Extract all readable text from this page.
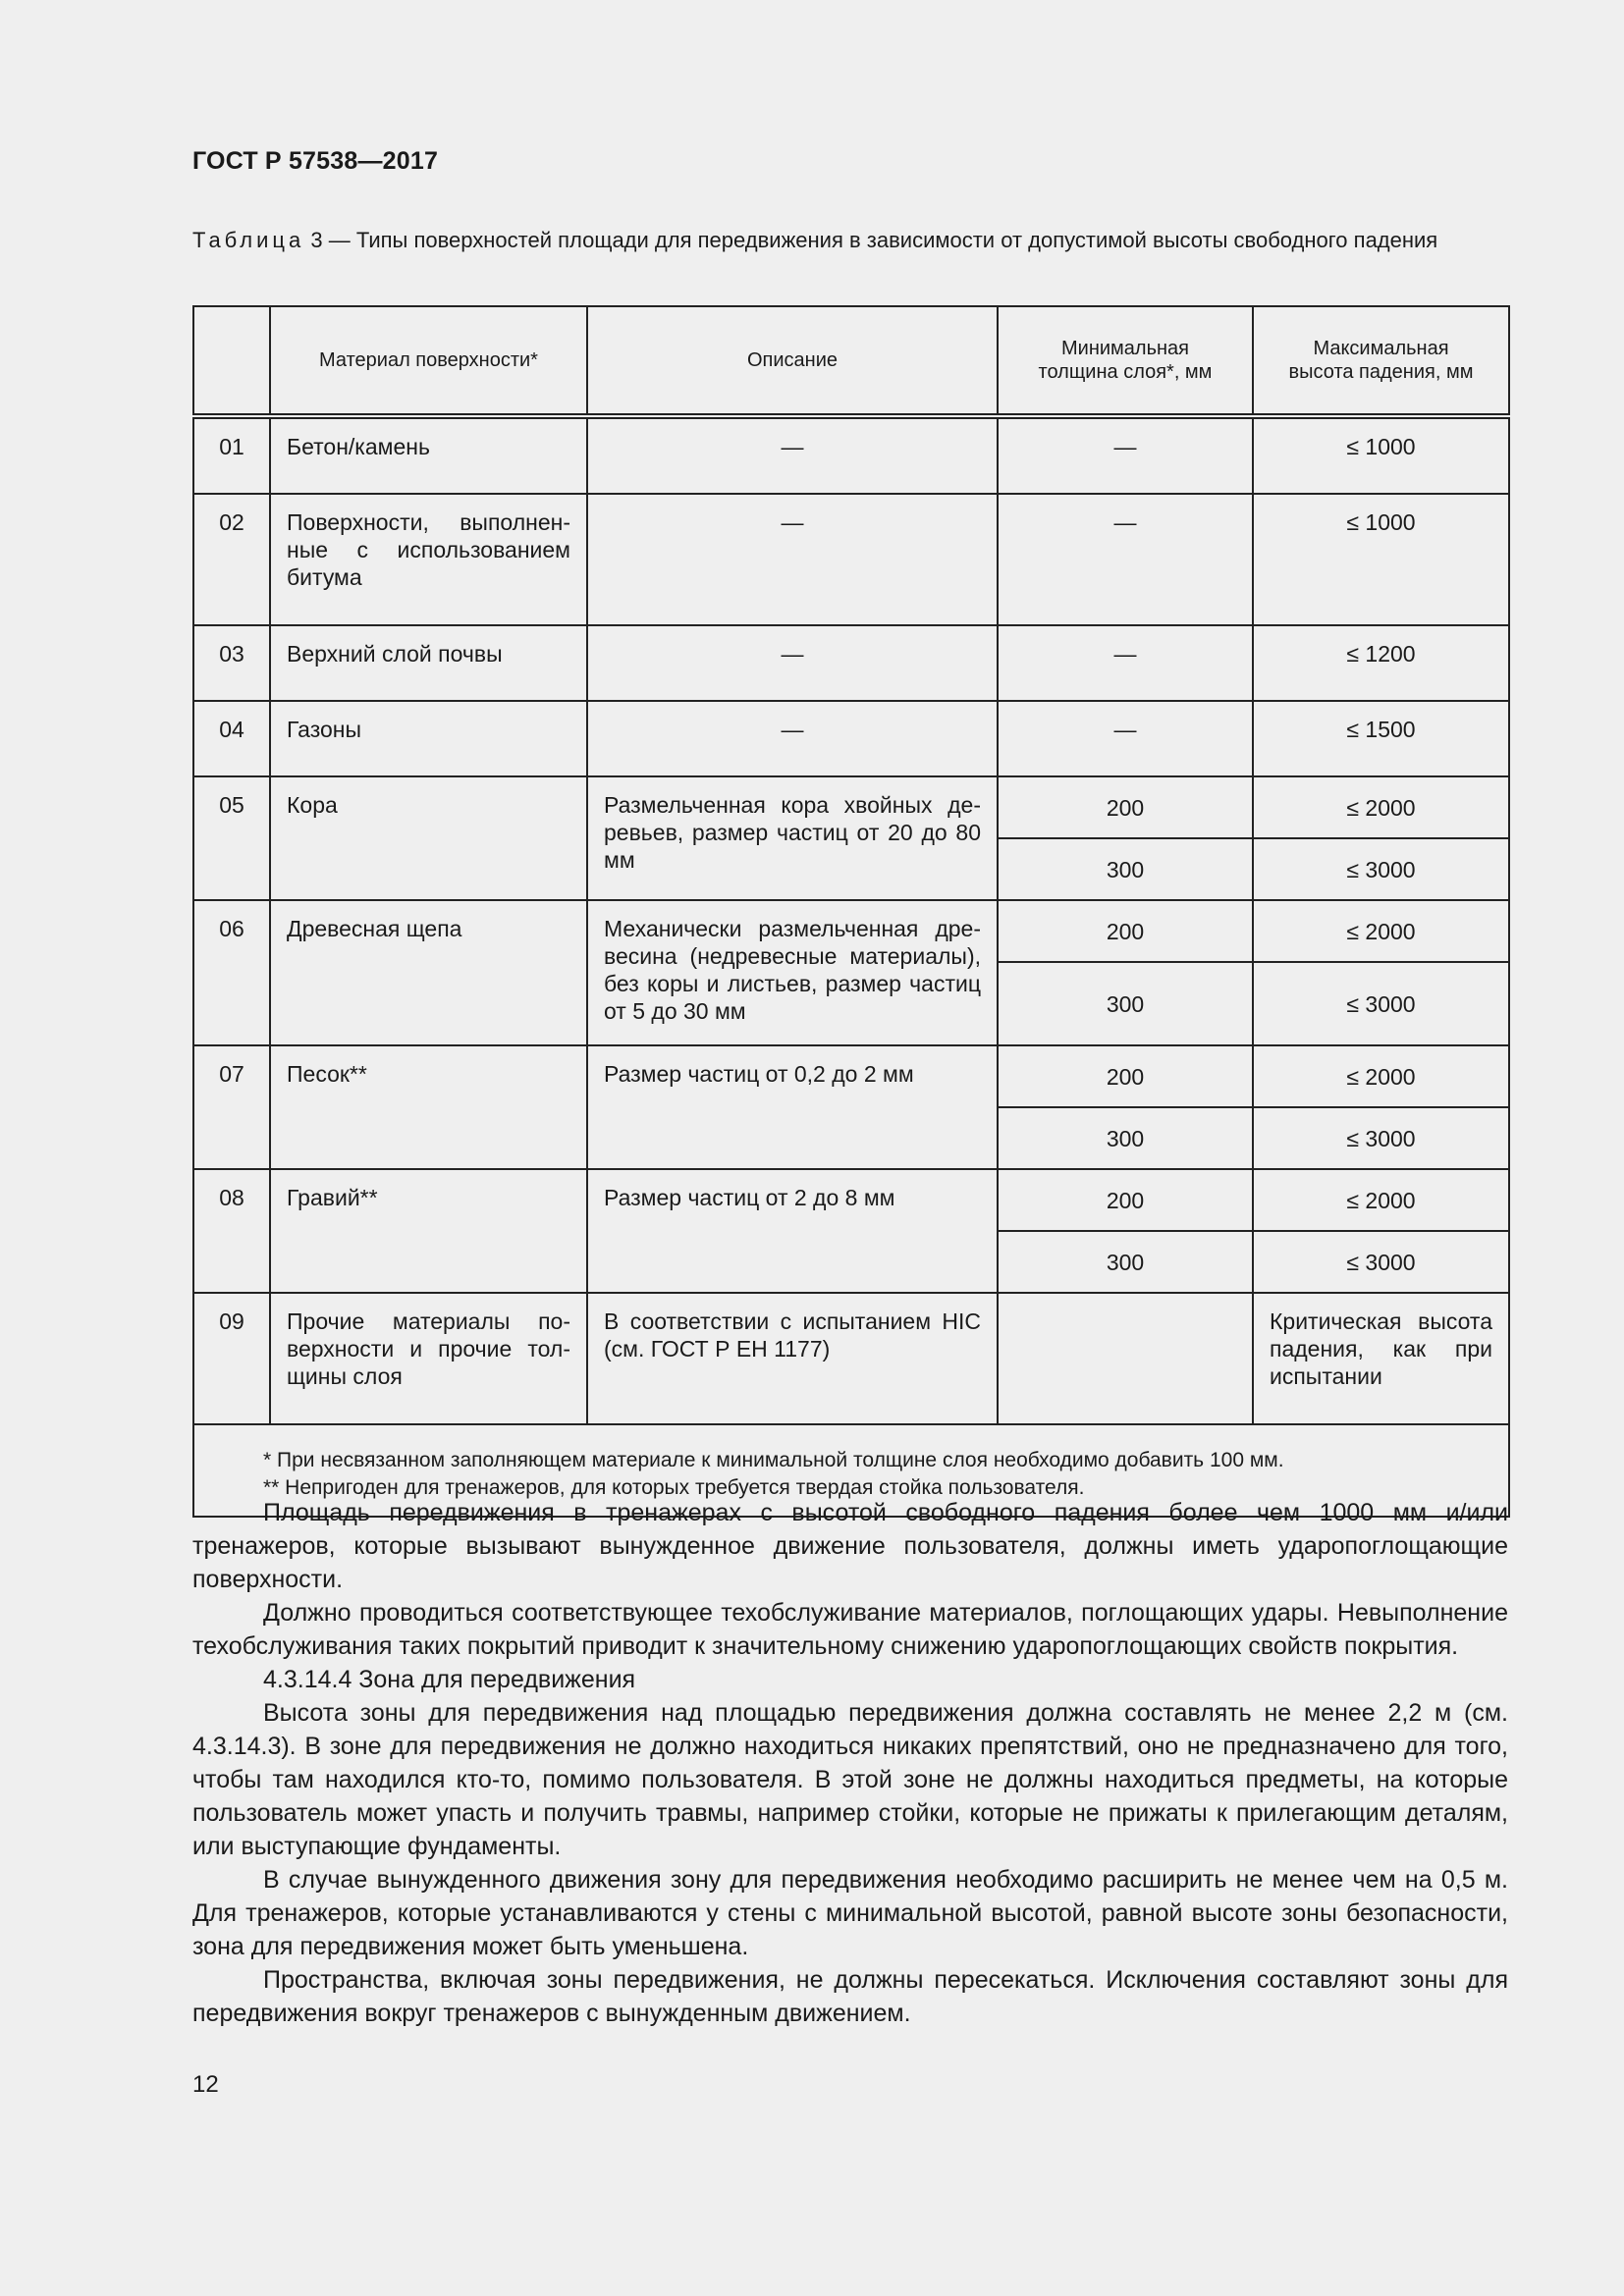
ГОСТ Р 57538—2017
Таблица 3 — Типы поверхностей площади для передвижения в зависимости от допустимой высоты свободного падения
	Материал поверхности*	Описание	Минимальная толщина слоя*, мм	Максимальная высота падения, мм

01	Бетон/камень	—	—	≤ 1000
02	Поверхности, выполненные с использованием битума	—	—	≤ 1000
03	Верхний слой почвы	—	—	≤ 1200
04	Газоны	—	—	≤ 1500
05	Кора	Размельченная кора хвойных деревьев, размер частиц от 20 до 80 мм	200	≤ 2000
			300	≤ 3000
06	Древесная щепа	Механически размельченная древесина (недревесные материалы), без коры и листьев, размер частиц от 5 до 30 мм	200	≤ 2000
			300	≤ 3000
07	Песок**	Размер частиц от 0,2 до 2 мм	200	≤ 2000
			300	≤ 3000
08	Гравий**	Размер частиц от 2 до 8 мм	200	≤ 2000
			300	≤ 3000
09	Прочие материалы поверхности и прочие толщины слоя	В соответствии с испытанием HIC (см. ГОСТ Р ЕН 1177)		Критическая высота падения, как при испытании

* При несвязанном заполняющем материале к минимальной толщине слоя необходимо добавить 100 мм.
** Непригоден для тренажеров, для которых требуется твердая стойка пользователя.				

Площадь передвижения в тренажерах с высотой свободного падения более чем 1000 мм и/или тренажеров, которые вызывают вынужденное движение пользователя, должны иметь ударопоглощающие поверхности.

Должно проводиться соответствующее техобслуживание материалов, поглощающих удары. Невыполнение техобслуживания таких покрытий приводит к значительному снижению ударопоглощающих свойств покрытия.

4.3.14.4 Зона для передвижения

Высота зоны для передвижения над площадью передвижения должна составлять не менее 2,2 м (см. 4.3.14.3). В зоне для передвижения не должно находиться никаких препятствий, оно не предназначено для того, чтобы там находился кто-то, помимо пользователя. В этой зоне не должны находиться предметы, на которые пользователь может упасть и получить травмы, например стойки, которые не прижаты к прилегающим деталям, или выступающие фундаменты.

В случае вынужденного движения зону для передвижения необходимо расширить не менее чем на 0,5 м. Для тренажеров, которые устанавливаются у стены с минимальной высотой, равной высоте зоны безопасности, зона для передвижения может быть уменьшена.

Пространства, включая зоны передвижения, не должны пересекаться. Исключения составляют зоны для передвижения вокруг тренажеров с вынужденным движением.

12
